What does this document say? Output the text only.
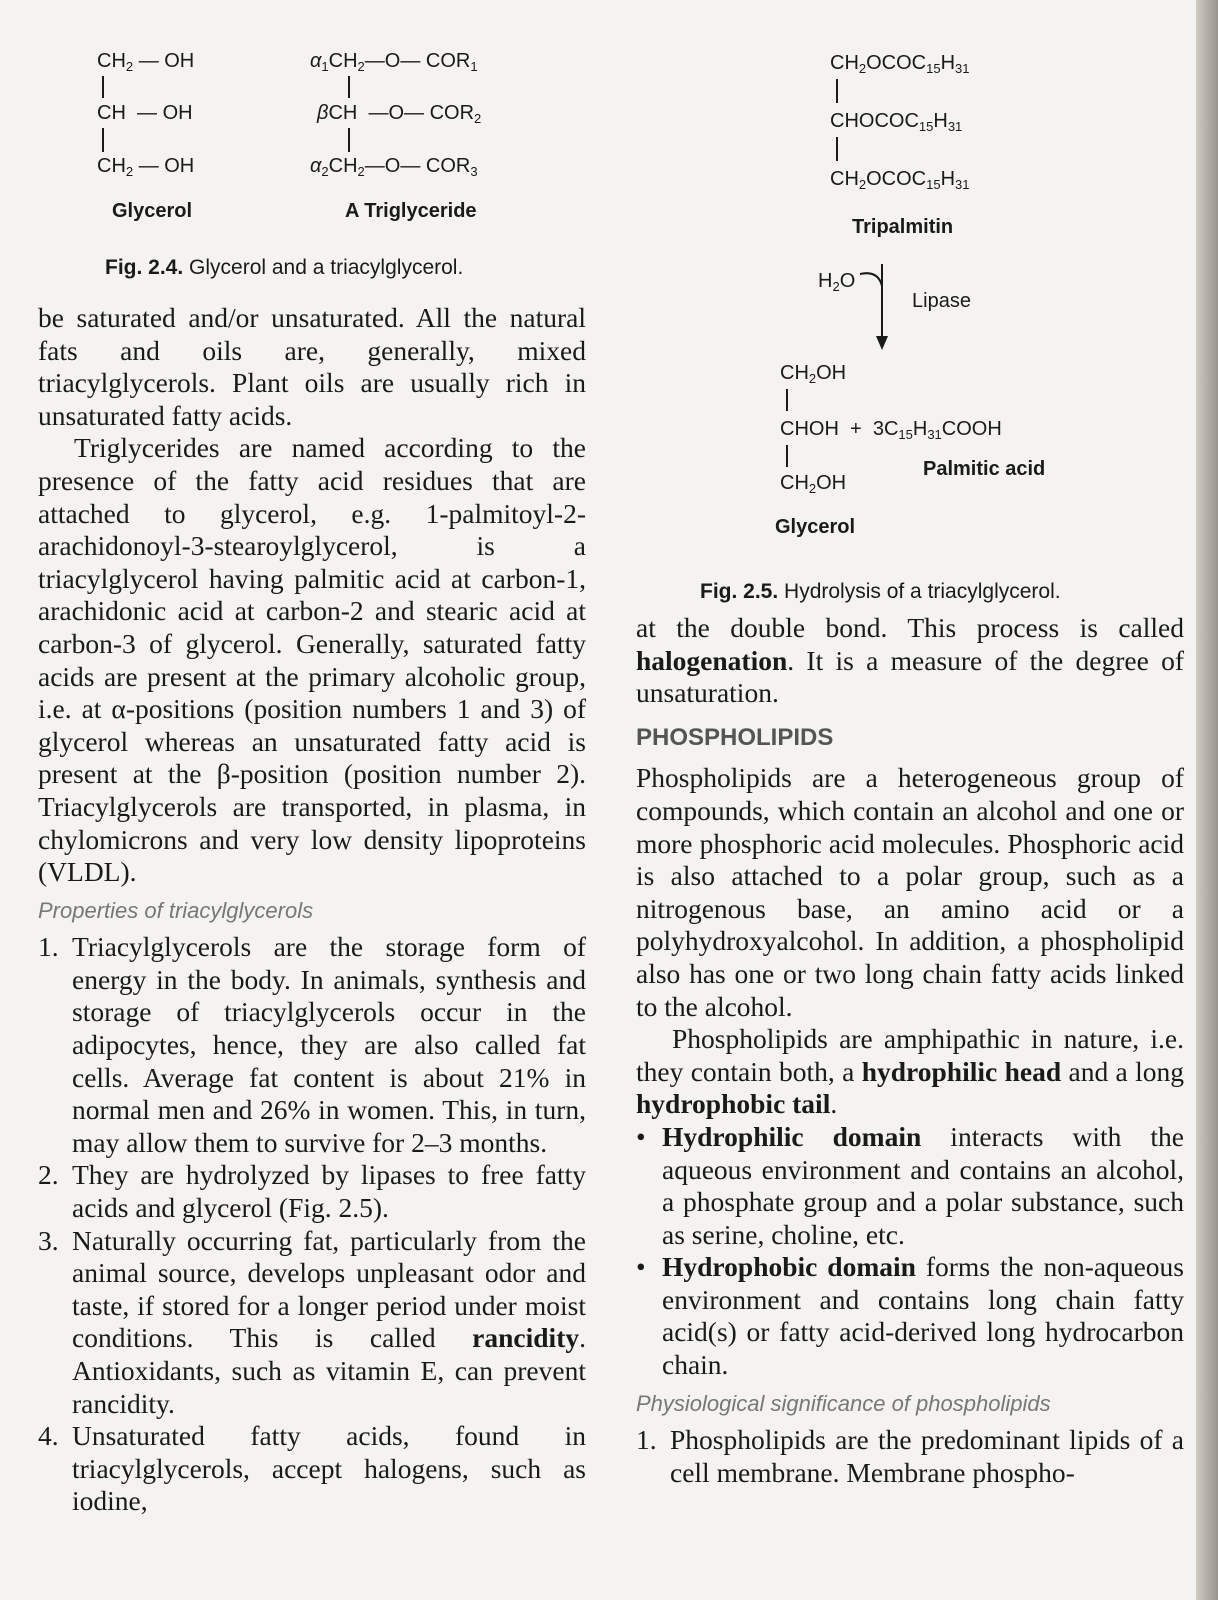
$CH_2$ — OH
CH — OH
$CH_2$ — OH
Glycerol
$\alpha_1CH_2—O—$ $COR_1$
βCH —O— $COR_2$
$\alpha_2CH_2—O—$ $COR_3$
A Triglyceride
Fig. 2.4. Glycerol and a triacylglycerol.
$CH_2OCOC_{15}H_{31}$
$CHOCOC_{15}H_{31}$
$CH_2OCOC_{15}H_{31}$
Tripalmitin
$H_2O$
Lipase
$CH_2OH$
CHOH + $3C_{15}H_{31}COOH$
$CH_2OH$
Palmitic acid
Glycerol
Fig. 2.5. Hydrolysis of a triacylglycerol.

be saturated and/or unsaturated. All the natural fats and oils are, generally, mixed triacylglycerols. Plant oils are usually rich in unsaturated fatty acids.

Triglycerides are named according to the presence of the fatty acid residues that are attached to glycerol, e.g. 1-palmitoyl-2-arachidonoyl-3-stearoylglycerol, is a triacylglycerol having palmitic acid at carbon-1, arachidonic acid at carbon-2 and stearic acid at carbon-3 of glycerol. Generally, saturated fatty acids are present at the primary alcoholic group, i.e. at α-positions (position numbers 1 and 3) of glycerol whereas an unsaturated fatty acid is present at the β-position (position number 2). Triacylglycerols are transported, in plasma, in chylomicrons and very low density lipoproteins (VLDL).

Properties of triacylglycerols
1. Triacylglycerols are the storage form of energy in the body. In animals, synthesis and storage of triacylglycerols occur in the adipocytes, hence, they are also called fat cells. Average fat content is about 21% in normal men and 26% in women. This, in turn, may allow them to survive for 2–3 months.
2. They are hydrolyzed by lipases to free fatty acids and glycerol (Fig. 2.5).
3. Naturally occurring fat, particularly from the animal source, develops unpleasant odor and taste, if stored for a longer period under moist conditions. This is called rancidity. Antioxidants, such as vitamin E, can prevent rancidity.
4. Unsaturated fatty acids, found in triacylglycerols, accept halogens, such as iodine,

at the double bond. This process is called halogenation. It is a measure of the degree of unsaturation.

PHOSPHOLIPIDS

Phospholipids are a heterogeneous group of compounds, which contain an alcohol and one or more phosphoric acid molecules. Phosphoric acid is also attached to a polar group, such as a nitrogenous base, an amino acid or a polyhydroxyalcohol. In addition, a phospholipid also has one or two long chain fatty acids linked to the alcohol.

Phospholipids are amphipathic in nature, i.e. they contain both, a hydrophilic head and a long hydrophobic tail.

• Hydrophilic domain interacts with the aqueous environment and contains an alcohol, a phosphate group and a polar substance, such as serine, choline, etc.
• Hydrophobic domain forms the non-aqueous environment and contains long chain fatty acid(s) or fatty acid-derived long hydrocarbon chain.
Physiological significance of phospholipids
1. Phospholipids are the predominant lipids of a cell membrane. Membrane phospho-
